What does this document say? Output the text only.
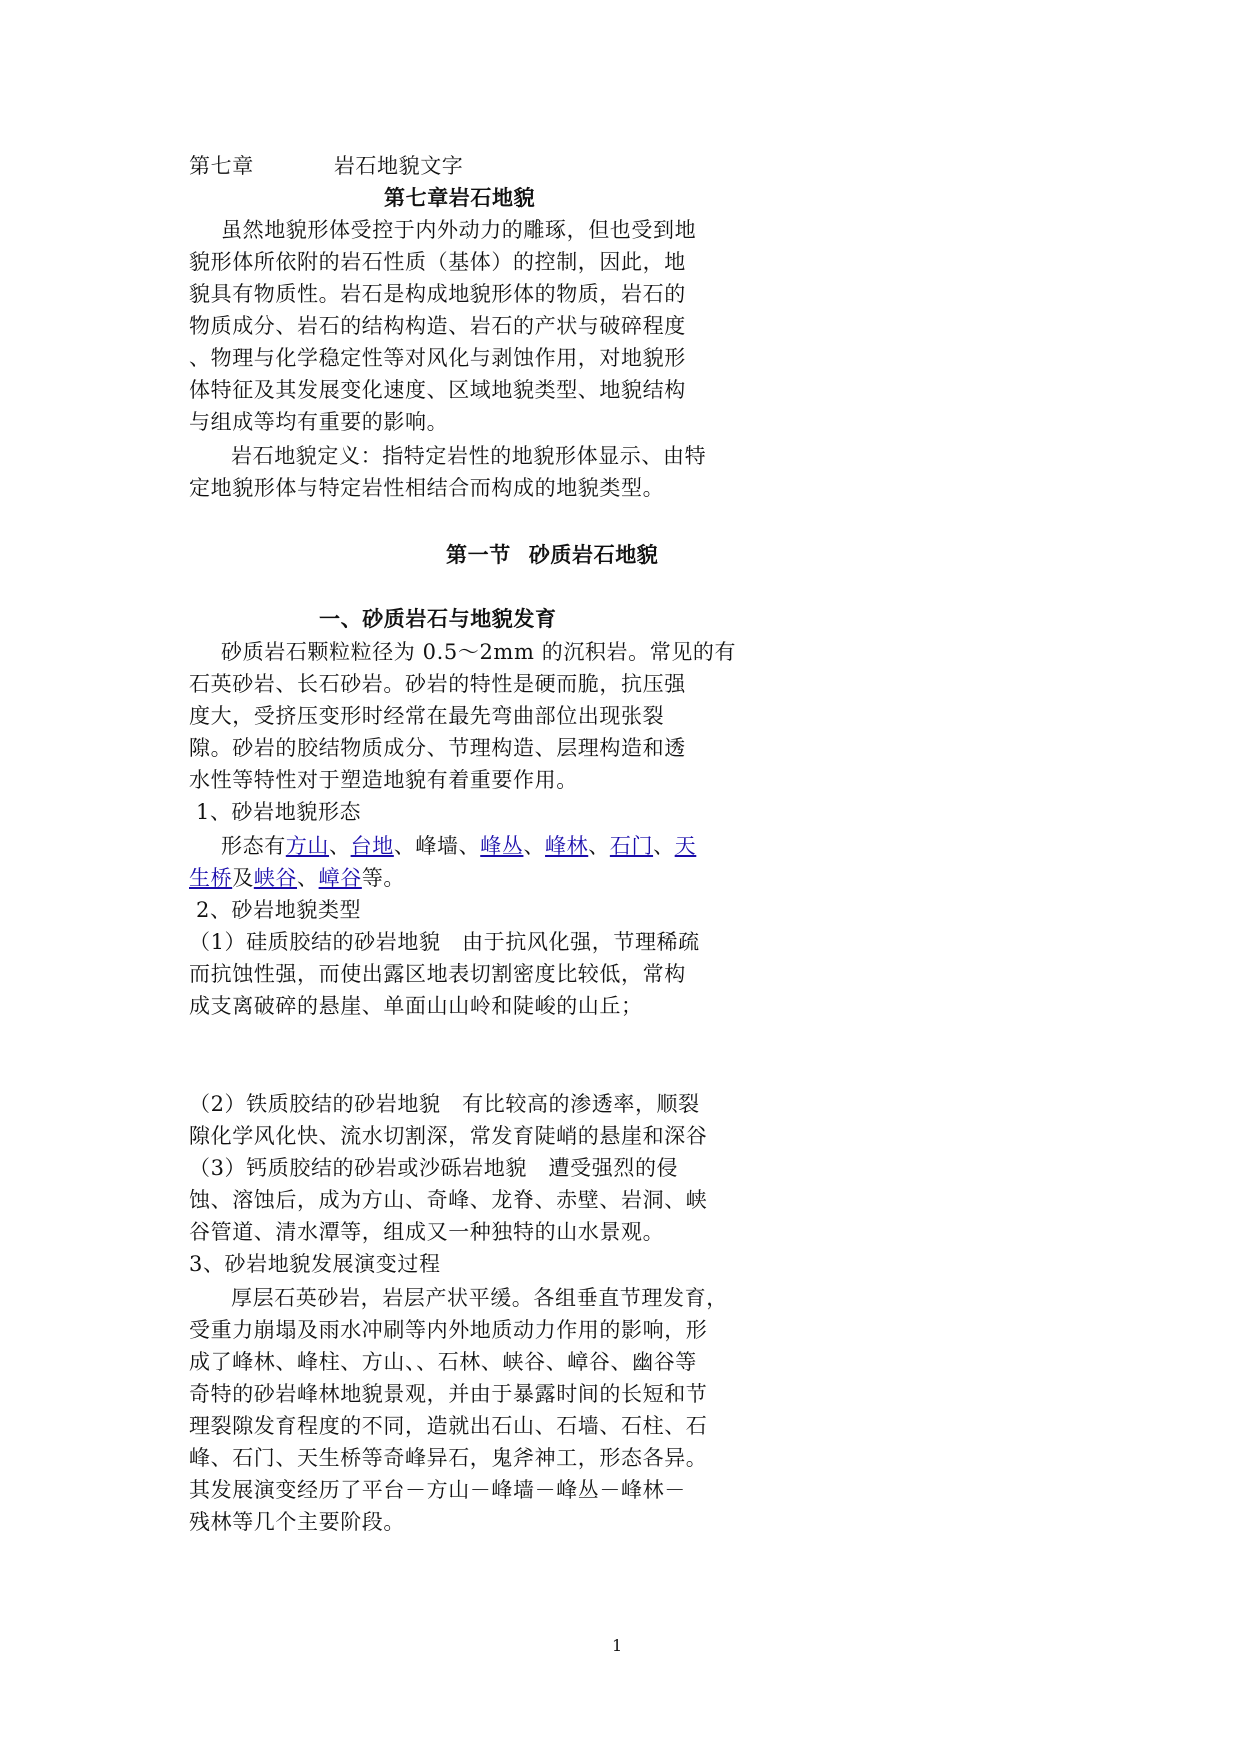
第七章	岩石地貌文字
第七章岩石地貌
虽然地貌形体受控于内外动力的雕琢，但也受到地
貌形体所依附的岩石性质（基体）的控制，因此，地
貌具有物质性。岩石是构成地貌形体的物质，岩石的
物质成分、岩石的结构构造、岩石的产状与破碎程度
、物理与化学稳定性等对风化与剥蚀作用，对地貌形
体特征及其发展变化速度、区域地貌类型、地貌结构
与组成等均有重要的影响。
岩石地貌定义：指特定岩性的地貌形体显示、由特
定地貌形体与特定岩性相结合而构成的地貌类型。
第一节 砂质岩石地貌
一、砂质岩石与地貌发育
砂质岩石颗粒粒径为 0.5～2mm 的沉积岩。常见的有
石英砂岩、长石砂岩。砂岩的特性是硬而脆，抗压强
度大，受挤压变形时经常在最先弯曲部位出现张裂
隙。砂岩的胶结物质成分、节理构造、层理构造和透
水性等特性对于塑造地貌有着重要作用。
1、砂岩地貌形态
形态有方山、台地、峰墙、峰丛、峰林、石门、天
生桥及峡谷、嶂谷等。
2、砂岩地貌类型
（1）硅质胶结的砂岩地貌　由于抗风化强，节理稀疏
而抗蚀性强，而使出露区地表切割密度比较低，常构
成支离破碎的悬崖、单面山山岭和陡峻的山丘；
（2）铁质胶结的砂岩地貌　有比较高的渗透率，顺裂
隙化学风化快、流水切割深，常发育陡峭的悬崖和深谷
（3）钙质胶结的砂岩或沙砾岩地貌　遭受强烈的侵
蚀、溶蚀后，成为方山、奇峰、龙脊、赤壁、岩洞、峡
谷管道、清水潭等，组成又一种独特的山水景观。
3、砂岩地貌发展演变过程
厚层石英砂岩，岩层产状平缓。各组垂直节理发育，
受重力崩塌及雨水冲刷等内外地质动力作用的影响，形
成了峰林、峰柱、方山、、石林、峡谷、嶂谷、幽谷等
奇特的砂岩峰林地貌景观，并由于暴露时间的长短和节
理裂隙发育程度的不同，造就出石山、石墙、石柱、石
峰、石门、天生桥等奇峰异石，鬼斧神工，形态各异。
其发展演变经历了平台－方山－峰墙－峰丛－峰林－
残林等几个主要阶段。
1
